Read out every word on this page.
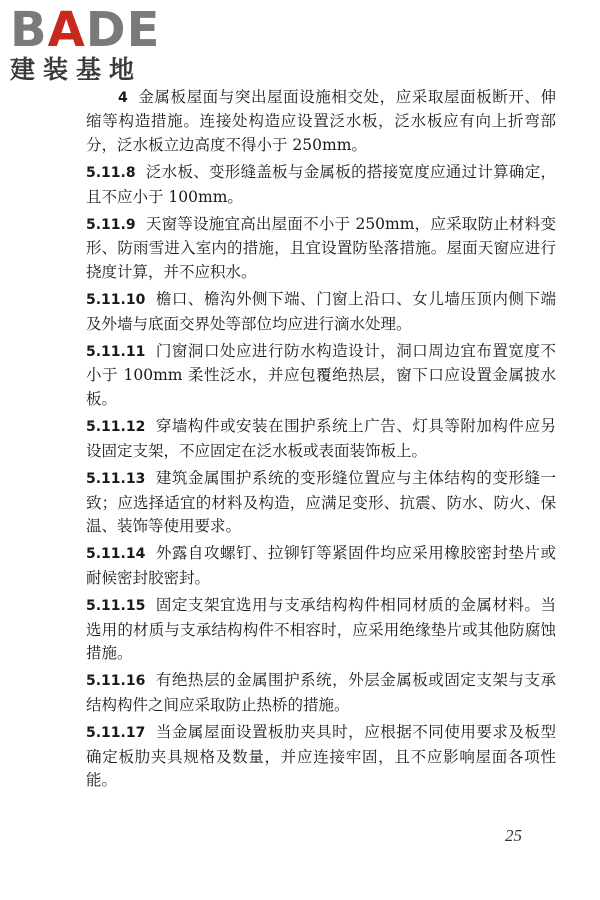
BADE
建装基地

4 金属板屋面与突出屋面设施相交处，应采取屋面板断开、伸缩等构造措施。连接处构造应设置泛水板，泛水板应有向上折弯部分，泛水板立边高度不得小于 250mm。

5.11.8 泛水板、变形缝盖板与金属板的搭接宽度应通过计算确定，且不应小于 100mm。

5.11.9 天窗等设施宜高出屋面不小于 250mm，应采取防止材料变形、防雨雪进入室内的措施，且宜设置防坠落措施。屋面天窗应进行挠度计算，并不应积水。

5.11.10 檐口、檐沟外侧下端、门窗上沿口、女儿墙压顶内侧下端及外墙与底面交界处等部位均应进行滴水处理。

5.11.11 门窗洞口处应进行防水构造设计，洞口周边宜布置宽度不小于 100mm 柔性泛水，并应包覆绝热层，窗下口应设置金属披水板。

5.11.12 穿墙构件或安装在围护系统上广告、灯具等附加构件应另设固定支架，不应固定在泛水板或表面装饰板上。

5.11.13 建筑金属围护系统的变形缝位置应与主体结构的变形缝一致；应选择适宜的材料及构造，应满足变形、抗震、防水、防火、保温、装饰等使用要求。

5.11.14 外露自攻螺钉、拉铆钉等紧固件均应采用橡胶密封垫片或耐候密封胶密封。

5.11.15 固定支架宜选用与支承结构构件相同材质的金属材料。当选用的材质与支承结构构件不相容时，应采用绝缘垫片或其他防腐蚀措施。

5.11.16 有绝热层的金属围护系统，外层金属板或固定支架与支承结构构件之间应采取防止热桥的措施。

5.11.17 当金属屋面设置板肋夹具时，应根据不同使用要求及板型确定板肋夹具规格及数量，并应连接牢固，且不应影响屋面各项性能。

25
